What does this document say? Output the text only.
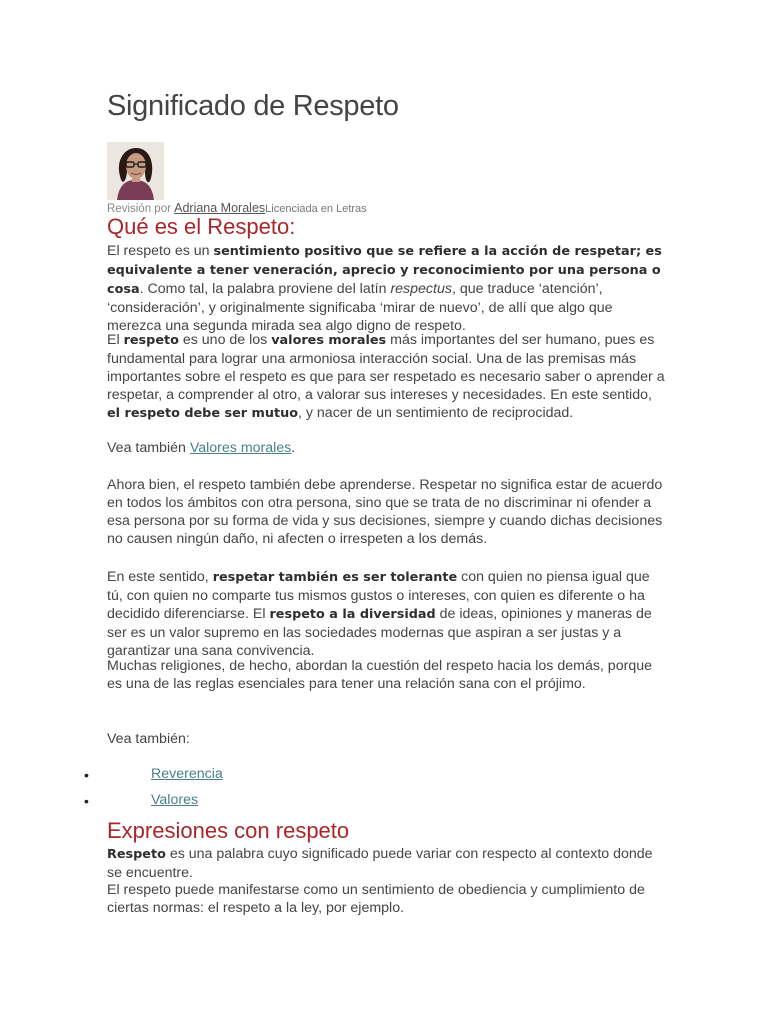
Significado de Respeto
Revisión por Adriana MoralesLicenciada en Letras
Qué es el Respeto:

El respeto es un sentimiento positivo que se refiere a la acción de respetar; es equivalente a tener veneración, aprecio y reconocimiento por una persona o cosa. Como tal, la palabra proviene del latín respectus, que traduce ‘atención’, ‘consideración’, y originalmente significaba ‘mirar de nuevo’, de allí que algo que merezca una segunda mirada sea algo digno de respeto.

El respeto es uno de los valores morales más importantes del ser humano, pues es fundamental para lograr una armoniosa interacción social. Una de las premisas más importantes sobre el respeto es que para ser respetado es necesario saber o aprender a respetar, a comprender al otro, a valorar sus intereses y necesidades. En este sentido, el respeto debe ser mutuo, y nacer de un sentimiento de reciprocidad.

Vea también Valores morales.

Ahora bien, el respeto también debe aprenderse. Respetar no significa estar de acuerdo en todos los ámbitos con otra persona, sino que se trata de no discriminar ni ofender a esa persona por su forma de vida y sus decisiones, siempre y cuando dichas decisiones no causen ningún daño, ni afecten o irrespeten a los demás.

En este sentido, respetar también es ser tolerante con quien no piensa igual que tú, con quien no comparte tus mismos gustos o intereses, con quien es diferente o ha decidido diferenciarse. El respeto a la diversidad de ideas, opiniones y maneras de ser es un valor supremo en las sociedades modernas que aspiran a ser justas y a garantizar una sana convivencia.

Muchas religiones, de hecho, abordan la cuestión del respeto hacia los demás, porque es una de las reglas esenciales para tener una relación sana con el prójimo.

Vea también:

•	Reverencia
•	Valores
Expresiones con respeto

Respeto es una palabra cuyo significado puede variar con respecto al contexto donde se encuentre.

El respeto puede manifestarse como un sentimiento de obediencia y cumplimiento de ciertas normas: el respeto a la ley, por ejemplo.
